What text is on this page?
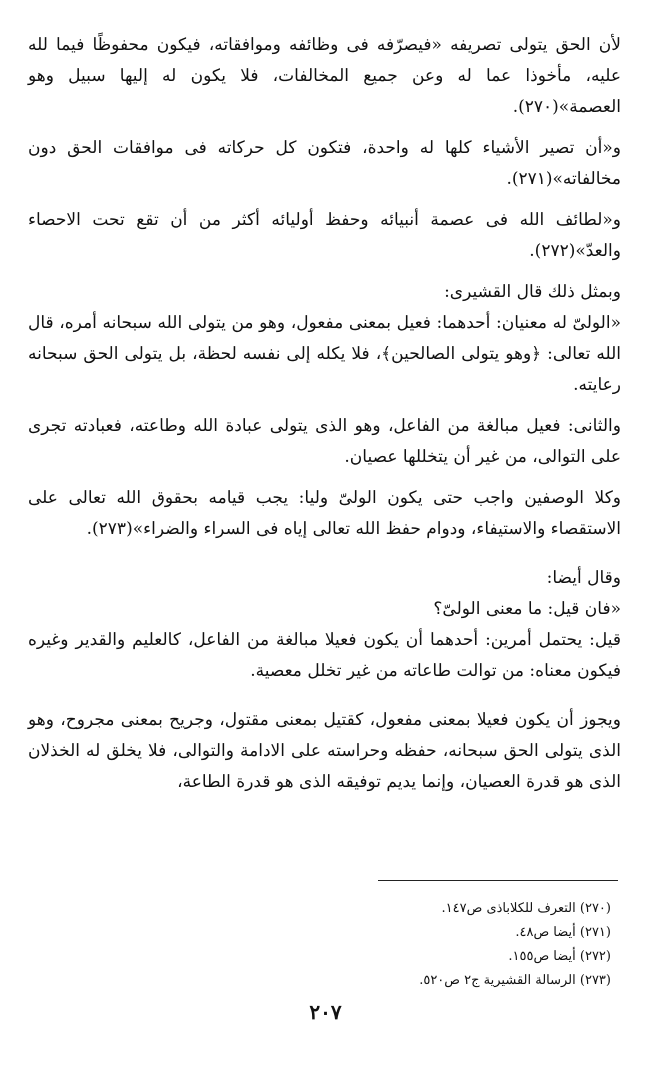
لأن الحق يتولى تصريفه «فيصرّفه فى وظائفه وموافقاته، فيكون محفوظًا فيما لله عليه، مأخوذا عما له وعن جميع المخالفات، فلا يكون له إليها سبيل وهو العصمة»(٢٧٠).

و«أن تصير الأشياء كلها له واحدة، فتكون كل حركاته فى موافقات الحق دون مخالفاته»(٢٧١).

و«لطائف الله فى عصمة أنبيائه وحفظ أوليائه أكثر من أن تقع تحت الاحصاء والعدّ»(٢٧٢).

وبمثل ذلك قال القشيرى:

«الولىّ له معنيان: أحدهما: فعيل بمعنى مفعول، وهو من يتولى الله سبحانه أمره، قال الله تعالى: ﴿وهو يتولى الصالحين﴾، فلا يكله إلى نفسه لحظة، بل يتولى الحق سبحانه رعايته.

والثانى: فعيل مبالغة من الفاعل، وهو الذى يتولى عبادة الله وطاعته، فعبادته تجرى على التوالى، من غير أن يتخللها عصيان.

وكلا الوصفين واجب حتى يكون الولىّ وليا: يجب قيامه بحقوق الله تعالى على الاستقصاء والاستيفاء، ودوام حفظ الله تعالى إياه فى السراء والضراء»(٢٧٣).

وقال أيضا:

«فان قيل: ما معنى الولىّ؟

قيل: يحتمل أمرين: أحدهما أن يكون فعيلا مبالغة من الفاعل، كالعليم والقدير وغيره فيكون معناه: من توالت طاعاته من غير تخلل معصية.

ويجوز أن يكون فعيلا بمعنى مفعول، كقتيل بمعنى مقتول، وجريح بمعنى مجروح، وهو الذى يتولى الحق سبحانه، حفظه وحراسته على الادامة والتوالى، فلا يخلق له الخذلان الذى هو قدرة العصيان، وإنما يديم توفيقه الذى هو قدرة الطاعة،

(٢٧٠) التعرف للكلاباذى ص١٤٧.

(٢٧١) أيضا ص٤٨.

(٢٧٢) أيضا ص١٥٥.

(٢٧٣) الرسالة القشيرية ج٢ ص٥٢٠.

٢٠٧
